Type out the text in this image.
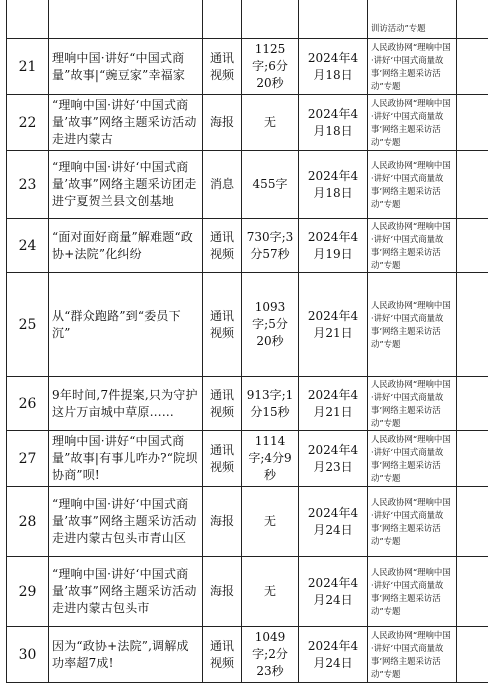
					训访活动”专题	
21	理响中国·讲好“中国式商量”故事|“豌豆家”幸福家	通讯视频	1125字;6分20秒	2024年4月18日	人民政协网“理响中国·讲好‘中国式商量故事’网络主题采访活动”专题	
22	“理响中国·讲好‘中国式商量’故事”网络主题采访活动走进内蒙古	海报	无	2024年4月18日	人民政协网“理响中国·讲好‘中国式商量故事’网络主题采访活动”专题	
23	“理响中国·讲好‘中国式商量’故事”网络主题采访团走进宁夏贺兰县文创基地	消息	455字	2024年4月18日	人民政协网“理响中国·讲好‘中国式商量故事’网络主题采访活动”专题	
24	“面对面好商量”解难题“政协+法院”化纠纷	通讯视频	730字;3分57秒	2024年4月19日	人民政协网“理响中国·讲好‘中国式商量故事’网络主题采访活动”专题	
25	从“群众跑路”到“委员下沉”	通讯视频	1093字;5分20秒	2024年4月21日	人民政协网“理响中国·讲好‘中国式商量故事’网络主题采访活动”专题	
26	9年时间,7件提案,只为守护这片万亩城中草原……	通讯视频	913字;1分15秒	2024年4月21日	人民政协网“理响中国·讲好‘中国式商量故事’网络主题采访活动”专题	
27	理响中国·讲好“中国式商量”故事|有事儿咋办?“院坝协商”呗!	通讯视频	1114字;4分9秒	2024年4月23日	人民政协网“理响中国·讲好‘中国式商量故事’网络主题采访活动”专题	
28	“理响中国·讲好‘中国式商量’故事”网络主题采访活动走进内蒙古包头市青山区	海报	无	2024年4月24日	人民政协网“理响中国·讲好‘中国式商量故事’网络主题采访活动”专题	
29	“理响中国·讲好‘中国式商量’故事”网络主题采访活动走进内蒙古包头市	海报	无	2024年4月24日	人民政协网“理响中国·讲好‘中国式商量故事’网络主题采访活动”专题	
30	因为“政协+法院”,调解成功率超7成!	通讯视频	1049字;2分23秒	2024年4月24日	人民政协网“理响中国·讲好‘中国式商量故事’网络主题采访活动”专题	
